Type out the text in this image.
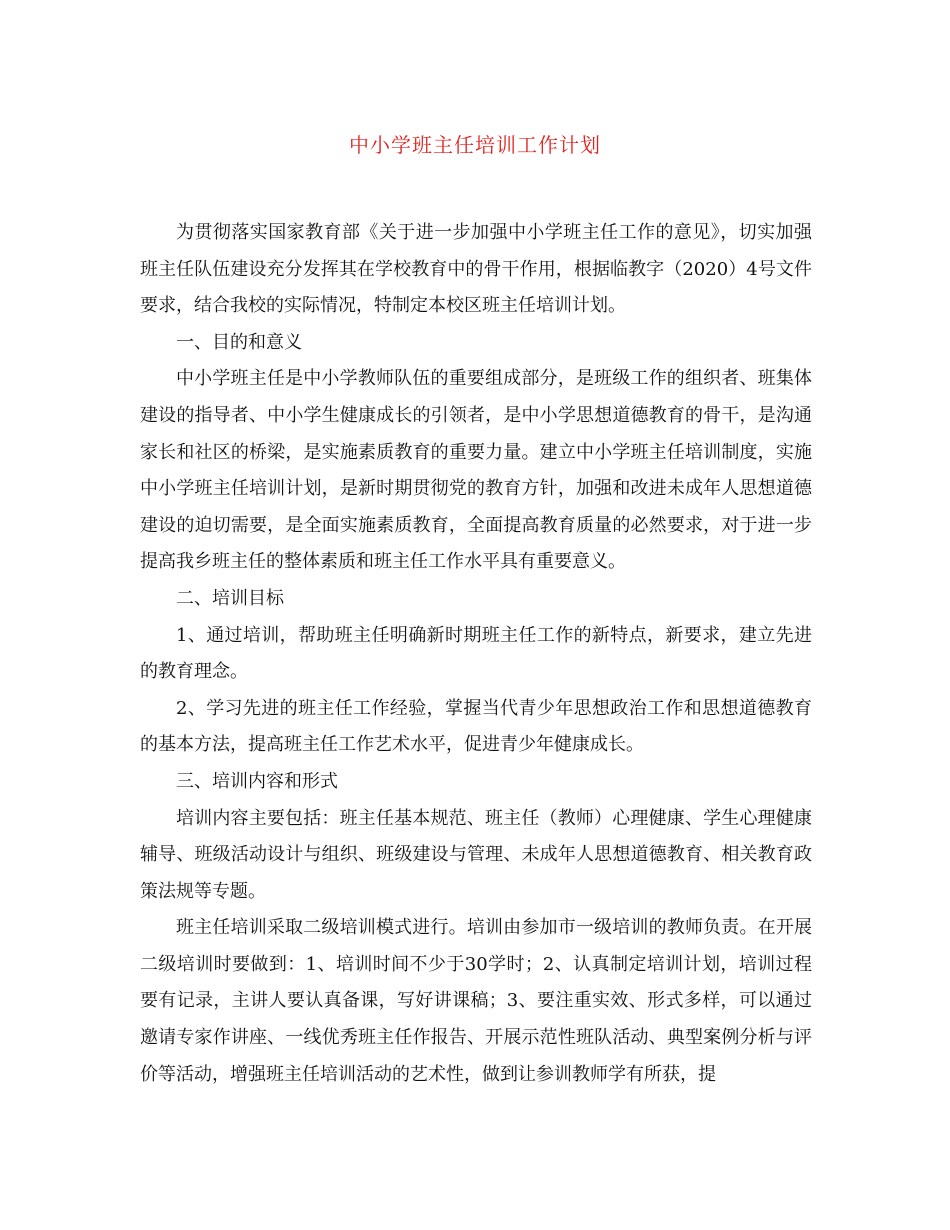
中小学班主任培训工作计划

为贯彻落实国家教育部《关于进一步加强中小学班主任工作的意见》，切实加强班主任队伍建设充分发挥其在学校教育中的骨干作用，根据临教字（2020）4号文件要求，结合我校的实际情况，特制定本校区班主任培训计划。

一、目的和意义

中小学班主任是中小学教师队伍的重要组成部分，是班级工作的组织者、班集体建设的指导者、中小学生健康成长的引领者，是中小学思想道德教育的骨干，是沟通家长和社区的桥梁，是实施素质教育的重要力量。建立中小学班主任培训制度，实施中小学班主任培训计划，是新时期贯彻党的教育方针，加强和改进未成年人思想道德建设的迫切需要，是全面实施素质教育，全面提高教育质量的必然要求，对于进一步提高我乡班主任的整体素质和班主任工作水平具有重要意义。

二、培训目标

1、通过培训，帮助班主任明确新时期班主任工作的新特点，新要求，建立先进的教育理念。

2、学习先进的班主任工作经验，掌握当代青少年思想政治工作和思想道德教育的基本方法，提高班主任工作艺术水平，促进青少年健康成长。

三、培训内容和形式

培训内容主要包括：班主任基本规范、班主任（教师）心理健康、学生心理健康辅导、班级活动设计与组织、班级建设与管理、未成年人思想道德教育、相关教育政策法规等专题。

班主任培训采取二级培训模式进行。培训由参加市一级培训的教师负责。在开展二级培训时要做到：1、培训时间不少于30学时；2、认真制定培训计划，培训过程要有记录，主讲人要认真备课，写好讲课稿；3、要注重实效、形式多样，可以通过邀请专家作讲座、一线优秀班主任作报告、开展示范性班队活动、典型案例分析与评价等活动，增强班主任培训活动的艺术性，做到让参训教师学有所获，提
